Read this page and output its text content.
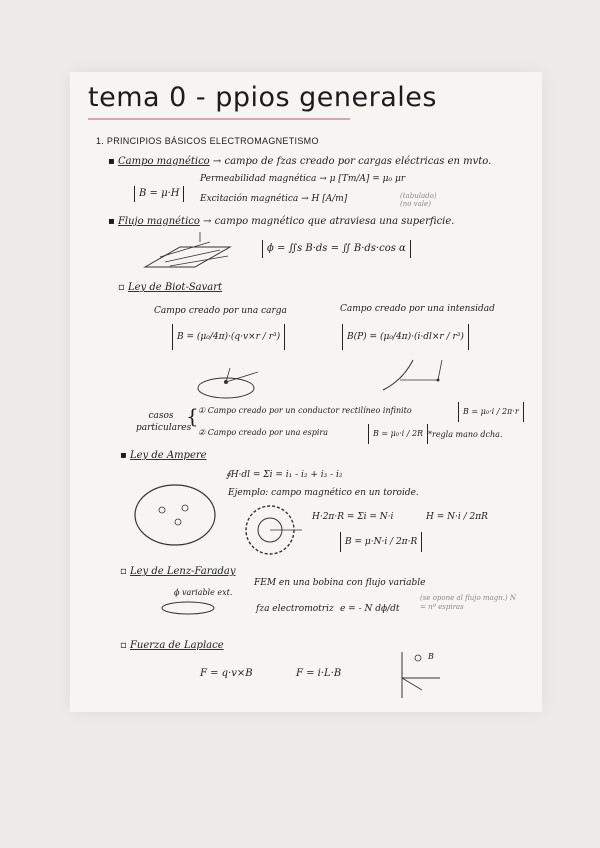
tema 0 - ppios generales
1. PRINCIPIOS BÁSICOS ELECTROMAGNETISMO
▪ Campo magnético → campo de fzas creado por cargas eléctricas en mvto.
B = μ·H
Permeabilidad magnética → μ [Tm/A] = μ₀ μr
Excitación magnética → H [A/m]	(tabulado) (no vale)
▪ Flujo magnético → campo magnético que atraviesa una superficie.
ϕ = ∬s B·ds = ∬ B·ds·cos α
▫ Ley de Biot-Savart
Campo creado por una carga
B = (μ₀/4π)·(q·v×r / r³)
Campo creado por una intensidad
B(P) = (μ₀/4π)·(i·dl×r / r³)
casos particulares
{ ① Campo creado por un conductor rectilíneo infinito	B = μ₀·i / 2π·r
② Campo creado por una espira	B = μ₀·i / 2R *regla mano dcha.
▪ Ley de Ampere
∮H·dl = Σi = i₁ - i₂ + i₃ - i₂
Ejemplo: campo magnético en un toroide.
H·2π·R = Σi = N·i	H = N·i / 2πR
B = μ·N·i / 2π·R
▫ Ley de Lenz-Faraday
ϕ variable ext.
FEM en una bobina con flujo variable
fza electromotriz e = - N dϕ/dt
(se opone al flujo magn.) N = nº espiras
▫ Fuerza de Laplace
F = q·v×B	F = i·L·B
B
